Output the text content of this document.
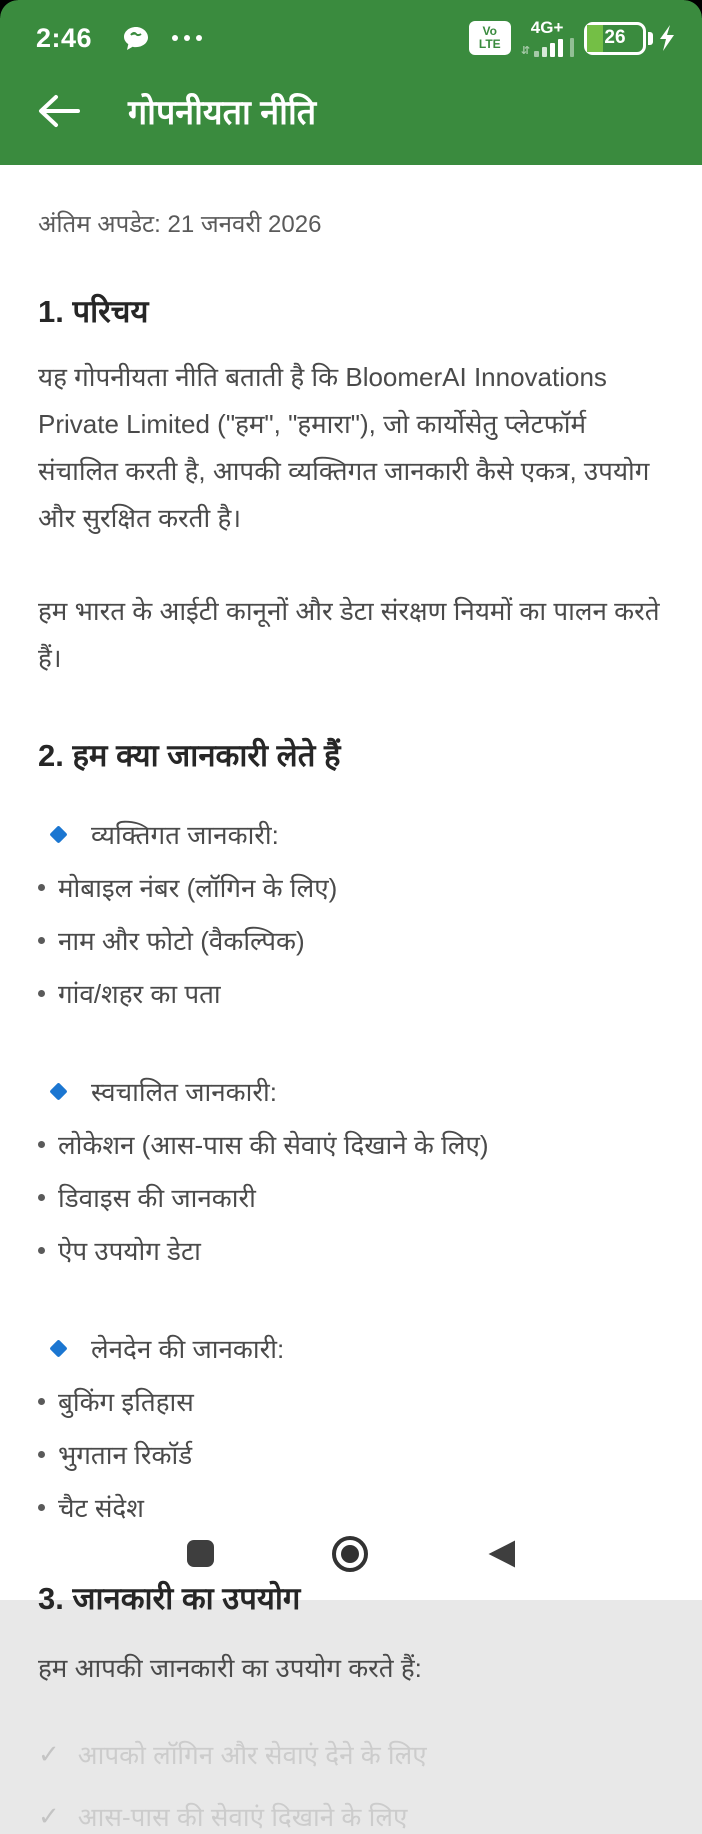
2:46	Vo
LTE
4G+
⇵
26
गोपनीयता नीति
अंतिम अपडेट: 21 जनवरी 2026
1. परिचय

यह गोपनीयता नीति बताती है कि BloomerAI Innovations Private Limited ("हम", "हमारा"), जो कार्योसेतु प्लेटफॉर्म संचालित करती है, आपकी व्यक्तिगत जानकारी कैसे एकत्र, उपयोग और सुरक्षित करती है।

हम भारत के आईटी कानूनों और डेटा संरक्षण नियमों का पालन करते हैं।

2. हम क्या जानकारी लेते हैं
व्यक्तिगत जानकारी:
मोबाइल नंबर (लॉगिन के लिए)
नाम और फोटो (वैकल्पिक)
गांव/शहर का पता
स्वचालित जानकारी:
लोकेशन (आस-पास की सेवाएं दिखाने के लिए)
डिवाइस की जानकारी
ऐप उपयोग डेटा
लेनदेन की जानकारी:
बुकिंग इतिहास
भुगतान रिकॉर्ड
चैट संदेश
3. जानकारी का उपयोग

हम आपकी जानकारी का उपयोग करते हैं:

✓ आपको लॉगिन और सेवाएं देने के लिए
✓ आस-पास की सेवाएं दिखाने के लिए
